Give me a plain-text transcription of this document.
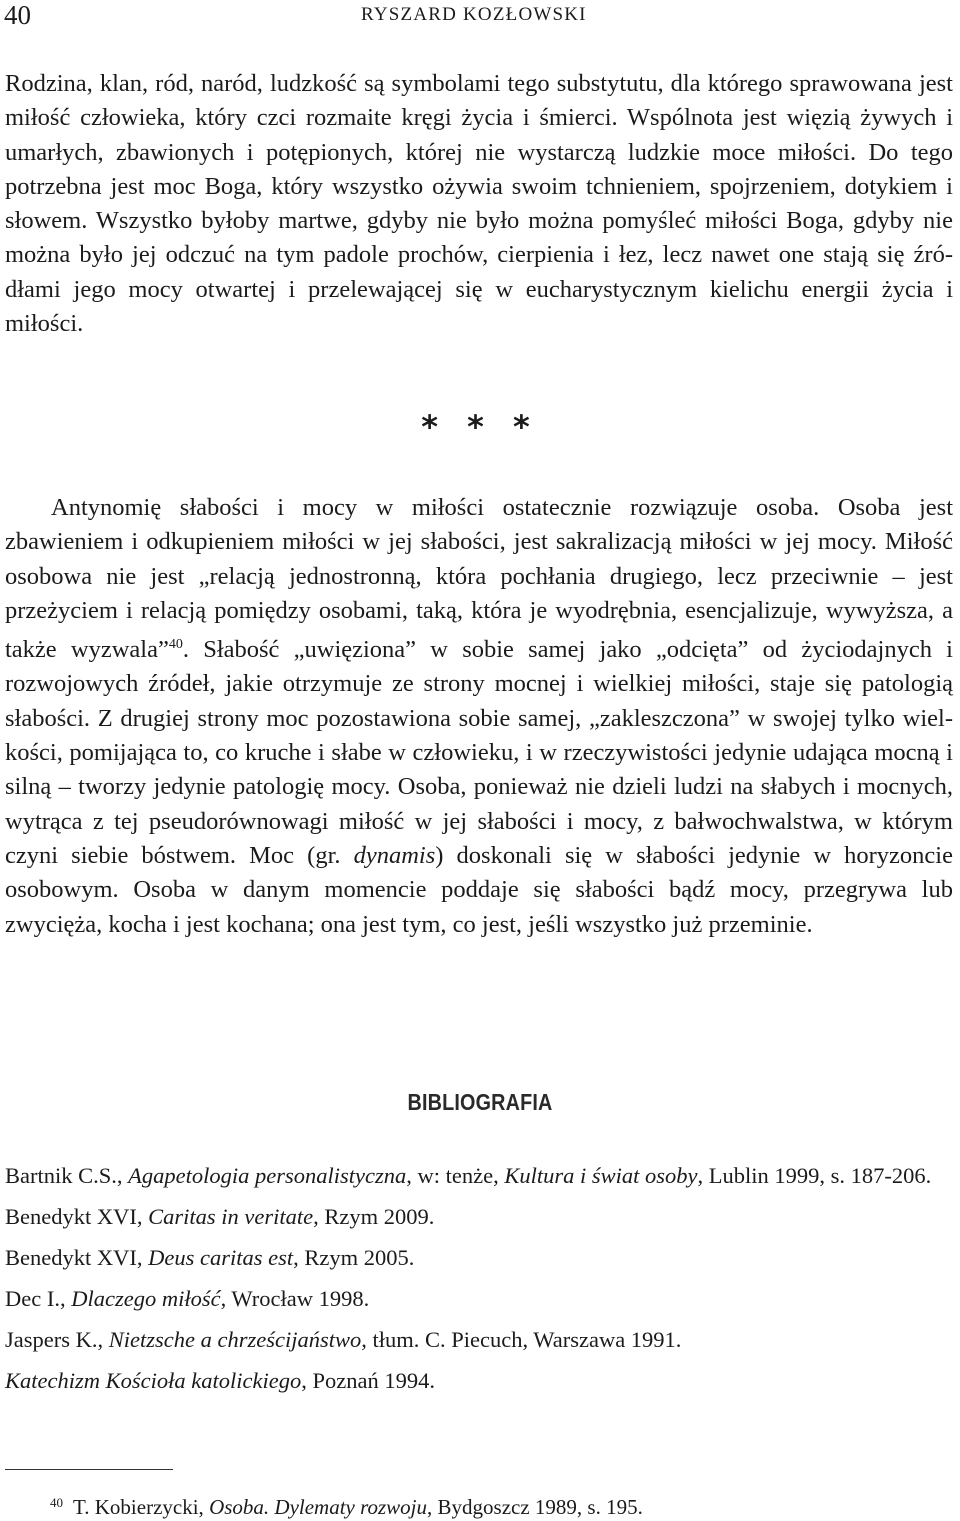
40	RYSZARD KOZŁOWSKI

Rodzina, klan, ród, naród, ludzkość są symbolami tego substytutu, dla którego sprawowana jest miłość człowieka, który czci rozmaite kręgi życia i śmierci. Wspólnota jest więzią żywych i umarłych, zbawionych i potępionych, której nie wystarczą ludzkie moce miłości. Do tego potrzebna jest moc Boga, który wszystko ożywia swoim tchnieniem, spojrzeniem, dotykiem i słowem. Wszystko byłoby martwe, gdyby nie było można pomyśleć miłości Boga, gdyby nie można było jej odczuć na tym padole prochów, cierpienia i łez, lecz nawet one stają się źródłami jego mocy otwartej i przelewającej się w eucharystycznym kielichu energii życia i miłości.

* * *

Antynomię słabości i mocy w miłości ostatecznie rozwiązuje osoba. Osoba jest zbawieniem i odkupieniem miłości w jej słabości, jest sakralizacją miłości w jej mocy. Miłość osobowa nie jest „relacją jednostronną, która pochłania drugiego, lecz przeciwnie – jest przeżyciem i relacją pomiędzy osobami, taką, która je wyodrębnia, esencjalizuje, wywyższa, a także wyzwala”$^{40}$. Słabość „uwięziona” w sobie samej jako „odcięta” od życiodajnych i rozwojowych źródeł, jakie otrzymuje ze strony mocnej i wielkiej miłości, staje się patologią słabości. Z drugiej strony moc pozostawiona sobie samej, „zakleszczona” w swojej tylko wielkości, pomijająca to, co kruche i słabe w człowieku, i w rzeczywistości jedynie udająca mocną i silną – tworzy jedynie patologię mocy. Osoba, ponieważ nie dzieli ludzi na słabych i mocnych, wytrąca z tej pseudorównowagi miłość w jej słabości i mocy, z bałwochwalstwa, w którym czyni siebie bóstwem. Moc (gr. dynamis) doskonali się w słabości jedynie w horyzoncie osobowym. Osoba w danym momencie poddaje się słabości bądź mocy, przegrywa lub zwycięża, kocha i jest kochana; ona jest tym, co jest, jeśli wszystko już przeminie.

BIBLIOGRAFIA
Bartnik C.S., Agapetologia personalistyczna, w: tenże, Kultura i świat osoby, Lublin 1999, s. 187-206.
Benedykt XVI, Caritas in veritate, Rzym 2009.
Benedykt XVI, Deus caritas est, Rzym 2005.
Dec I., Dlaczego miłość, Wrocław 1998.
Jaspers K., Nietzsche a chrześcijaństwo, tłum. C. Piecuch, Warszawa 1991.
Katechizm Kościoła katolickiego, Poznań 1994.
$^{40}$ T. Kobierzycki, Osoba. Dylematy rozwoju, Bydgoszcz 1989, s. 195.
